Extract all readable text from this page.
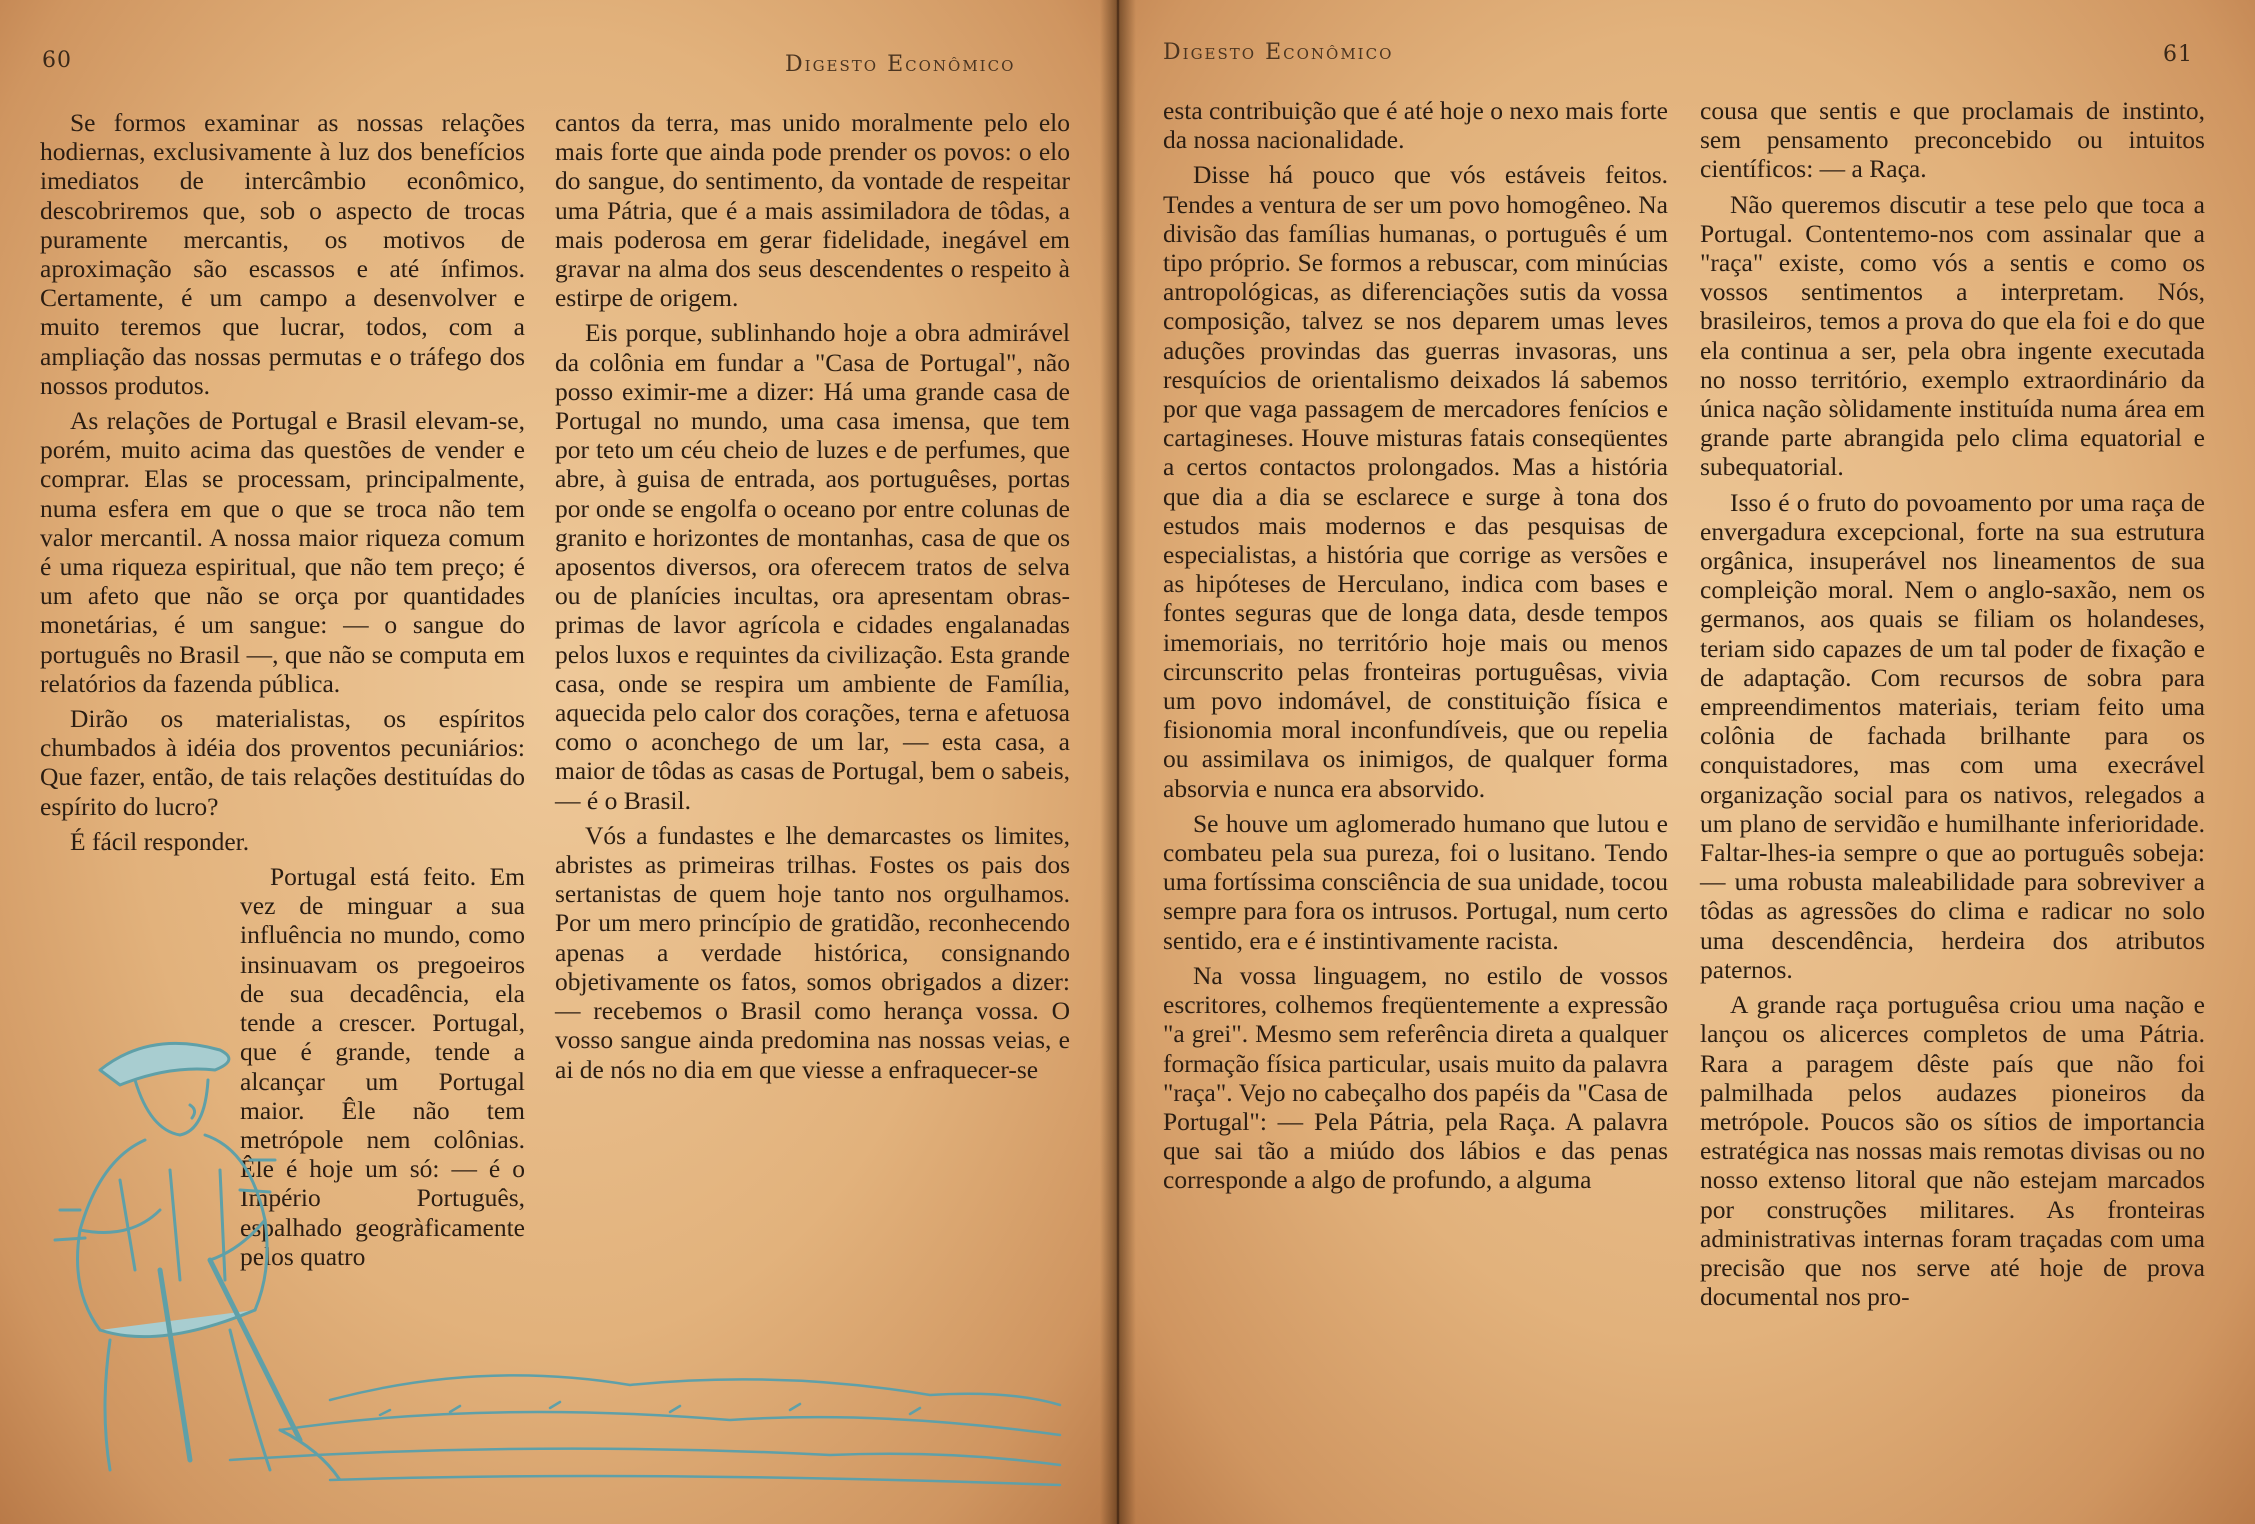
60	Digesto Econômico

Se formos examinar as nossas relações hodiernas, exclusivamente à luz dos benefícios imediatos de intercâmbio econômico, descobriremos que, sob o aspecto de trocas puramente mercantis, os motivos de aproximação são escassos e até ínfimos. Certamente, é um campo a desenvolver e muito teremos que lucrar, todos, com a ampliação das nossas permutas e o tráfego dos nossos produtos.

As relações de Portugal e Brasil elevam-se, porém, muito acima das questões de vender e comprar. Elas se processam, principalmente, numa esfera em que o que se troca não tem valor mercantil. A nossa maior riqueza comum é uma riqueza espiritual, que não tem preço; é um afeto que não se orça por quantidades monetárias, é um sangue: — o sangue do português no Brasil —, que não se computa em relatórios da fazenda pública.

Dirão os materialistas, os espíritos chumbados à idéia dos proventos pecuniários: Que fazer, então, de tais relações destituídas do espírito do lucro?

É fácil responder.

Portugal está feito. Em vez de minguar a sua influência no mundo, como insinuavam os pregoeiros de sua decadência, ela tende a crescer. Portugal, que é grande, tende a alcançar um Portugal maior. Êle não tem metrópole nem colônias. Êle é hoje um só: — é o Império Português, espalhado geogràficamente pelos quatro

cantos da terra, mas unido moralmente pelo elo mais forte que ainda pode prender os povos: o elo do sangue, do sentimento, da vontade de respeitar uma Pátria, que é a mais assimiladora de tôdas, a mais poderosa em gerar fidelidade, inegável em gravar na alma dos seus descendentes o respeito à estirpe de origem.

Eis porque, sublinhando hoje a obra admirável da colônia em fundar a "Casa de Portugal", não posso eximir-me a dizer: Há uma grande casa de Portugal no mundo, uma casa imensa, que tem por teto um céu cheio de luzes e de perfumes, que abre, à guisa de entrada, aos portuguêses, portas por onde se engolfa o oceano por entre colunas de granito e horizontes de montanhas, casa de que os aposentos diversos, ora oferecem tratos de selva ou de planícies incultas, ora apresentam obras-primas de lavor agrícola e cidades engalanadas pelos luxos e requintes da civilização. Esta grande casa, onde se respira um ambiente de Família, aquecida pelo calor dos corações, terna e afetuosa como o aconchego de um lar, — esta casa, a maior de tôdas as casas de Portugal, bem o sabeis, — é o Brasil.

Vós a fundastes e lhe demarcastes os limites, abristes as primeiras trilhas. Fostes os pais dos sertanistas de quem hoje tanto nos orgulhamos. Por um mero princípio de gratidão, reconhecendo apenas a verdade histórica, consignando objetivamente os fatos, somos obrigados a dizer: — recebemos o Brasil como herança vossa. O vosso sangue ainda predomina nas nossas veias, e ai de nós no dia em que viesse a enfraquecer-se

Digesto Econômico	61

esta contribuição que é até hoje o nexo mais forte da nossa nacionalidade.

Disse há pouco que vós estáveis feitos. Tendes a ventura de ser um povo homogêneo. Na divisão das famílias humanas, o português é um tipo próprio. Se formos a rebuscar, com minúcias antropológicas, as diferenciações sutis da vossa composição, talvez se nos deparem umas leves aduções provindas das guerras invasoras, uns resquícios de orientalismo deixados lá sabemos por que vaga passagem de mercadores fenícios e cartagineses. Houve misturas fatais conseqüentes a certos contactos prolongados. Mas a história que dia a dia se esclarece e surge à tona dos estudos mais modernos e das pesquisas de especialistas, a história que corrige as versões e as hipóteses de Herculano, indica com bases e fontes seguras que de longa data, desde tempos imemoriais, no território hoje mais ou menos circunscrito pelas fronteiras portuguêsas, vivia um povo indomável, de constituição física e fisionomia moral inconfundíveis, que ou repelia ou assimilava os inimigos, de qualquer forma absorvia e nunca era absorvido.

Se houve um aglomerado humano que lutou e combateu pela sua pureza, foi o lusitano. Tendo uma fortíssima consciência de sua unidade, tocou sempre para fora os intrusos. Portugal, num certo sentido, era e é instintivamente racista.

Na vossa linguagem, no estilo de vossos escritores, colhemos freqüentemente a expressão "a grei". Mesmo sem referência direta a qualquer formação física particular, usais muito da palavra "raça". Vejo no cabeçalho dos papéis da "Casa de Portugal": — Pela Pátria, pela Raça. A palavra que sai tão a miúdo dos lábios e das penas corresponde a algo de profundo, a alguma

cousa que sentis e que proclamais de instinto, sem pensamento preconcebido ou intuitos científicos: — a Raça.

Não queremos discutir a tese pelo que toca a Portugal. Contentemo-nos com assinalar que a "raça" existe, como vós a sentis e como os vossos sentimentos a interpretam. Nós, brasileiros, temos a prova do que ela foi e do que ela continua a ser, pela obra ingente executada no nosso território, exemplo extraordinário da única nação sòlidamente instituída numa área em grande parte abrangida pelo clima equatorial e subequatorial.

Isso é o fruto do povoamento por uma raça de envergadura excepcional, forte na sua estrutura orgânica, insuperável nos lineamentos de sua compleição moral. Nem o anglo-saxão, nem os germanos, aos quais se filiam os holandeses, teriam sido capazes de um tal poder de fixação e de adaptação. Com recursos de sobra para empreendimentos materiais, teriam feito uma colônia de fachada brilhante para os conquistadores, mas com uma execrável organização social para os nativos, relegados a um plano de servidão e humilhante inferioridade. Faltar-lhes-ia sempre o que ao português sobeja: — uma robusta maleabilidade para sobreviver a tôdas as agressões do clima e radicar no solo uma descendência, herdeira dos atributos paternos.

A grande raça portuguêsa criou uma nação e lançou os alicerces completos de uma Pátria. Rara a paragem dêste país que não foi palmilhada pelos audazes pioneiros da metrópole. Poucos são os sítios de importancia estratégica nas nossas mais remotas divisas ou no nosso extenso litoral que não estejam marcados por construções militares. As fronteiras administrativas internas foram traçadas com uma precisão que nos serve até hoje de prova documental nos pro-
